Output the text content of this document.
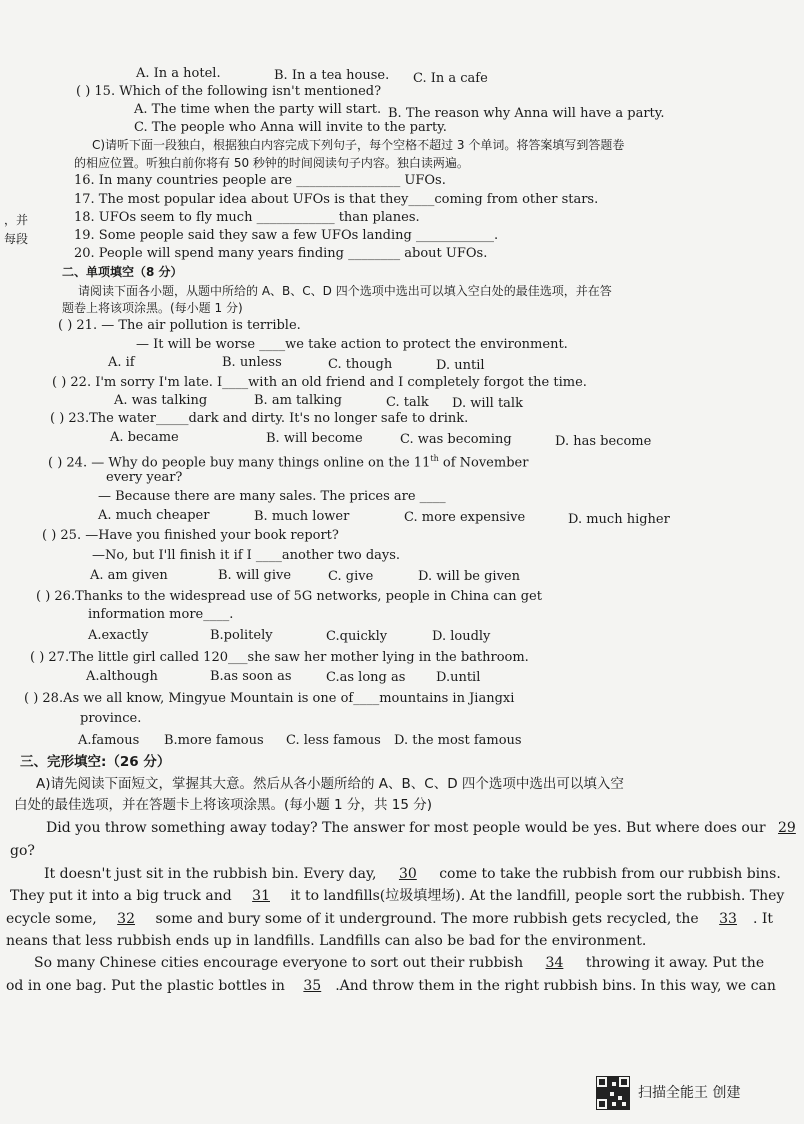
A. In a hotel.	B. In a tea house. C. In a cafe
( ) 15. Which of the following isn't mentioned?
A. The time when the party will start. B. The reason why Anna will have a party.
C. The people who Anna will invite to the party.
C)请听下面一段独白，根据独白内容完成下列句子，每个空格不超过 3 个单词。将答案填写到答题卷
的相应位置。听独白前你将有 50 秒钟的时间阅读句子内容。独白读两遍。
16. In many countries people are ________________ UFOs.
17. The most popular idea about UFOs is that they____coming from other stars.
18. UFOs seem to fly much ____________ than planes.
19. Some people said they saw a few UFOs landing ____________.
20. People will spend many years finding ________ about UFOs.
，并
每段
二、单项填空（8 分）
请阅读下面各小题，从题中所给的 A、B、C、D 四个选项中选出可以填入空白处的最佳选项，并在答
题卷上将该项涂黑。(每小题 1 分)
( ) 21. — The air pollution is terrible.
— It will be worse ____we take action to protect the environment.
A. if	B. unless	C. though	D. until
( ) 22. I'm sorry I'm late. I____with an old friend and I completely forgot the time.
A. was talking	B. am talking	C. talk D. will talk
( ) 23.The water_____dark and dirty. It's no longer safe to drink.
A. became	B. will become	C. was becoming	D. has become
( ) 24. — Why do people buy many things online on the 11th of November
every year?
— Because there are many sales. The prices are ____
A. much cheaper	B. much lower	C. more expensive	D. much higher
( ) 25. —Have you finished your book report?
—No, but I'll finish it if I ____another two days.
A. am given	B. will give	C. give	D. will be given
( ) 26.Thanks to the widespread use of 5G networks, people in China can get
information more____.
A.exactly	B.politely	C.quickly	D. loudly
( ) 27.The little girl called 120___she saw her mother lying in the bathroom.
A.although	B.as soon as	C.as long as D.until
( ) 28.As we all know, Mingyue Mountain is one of____mountains in Jiangxi
province.
A.famous B.more famous C. less famous D. the most famous
三、完形填空:（26 分）
A)请先阅读下面短文，掌握其大意。然后从各小题所给的 A、B、C、D 四个选项中选出可以填入空
白处的最佳选项，并在答题卡上将该项涂黑。(每小题 1 分，共 15 分)
Did you throw something away today? The answer for most people would be yes. But where does our 29
go?
It doesn't just sit in the rubbish bin. Every day, 30 come to take the rubbish from our rubbish bins.
They put it into a big truck and 31 it to landfills(垃圾填埋场). At the landfill, people sort the rubbish. They
ecycle some, 32 some and bury some of it underground. The more rubbish gets recycled, the 33 . It
neans that less rubbish ends up in landfills. Landfills can also be bad for the environment.
So many Chinese cities encourage everyone to sort out their rubbish 34 throwing it away. Put the
od in one bag. Put the plastic bottles in 35 .And throw them in the right rubbish bins. In this way, we can
扫描全能王 创建
